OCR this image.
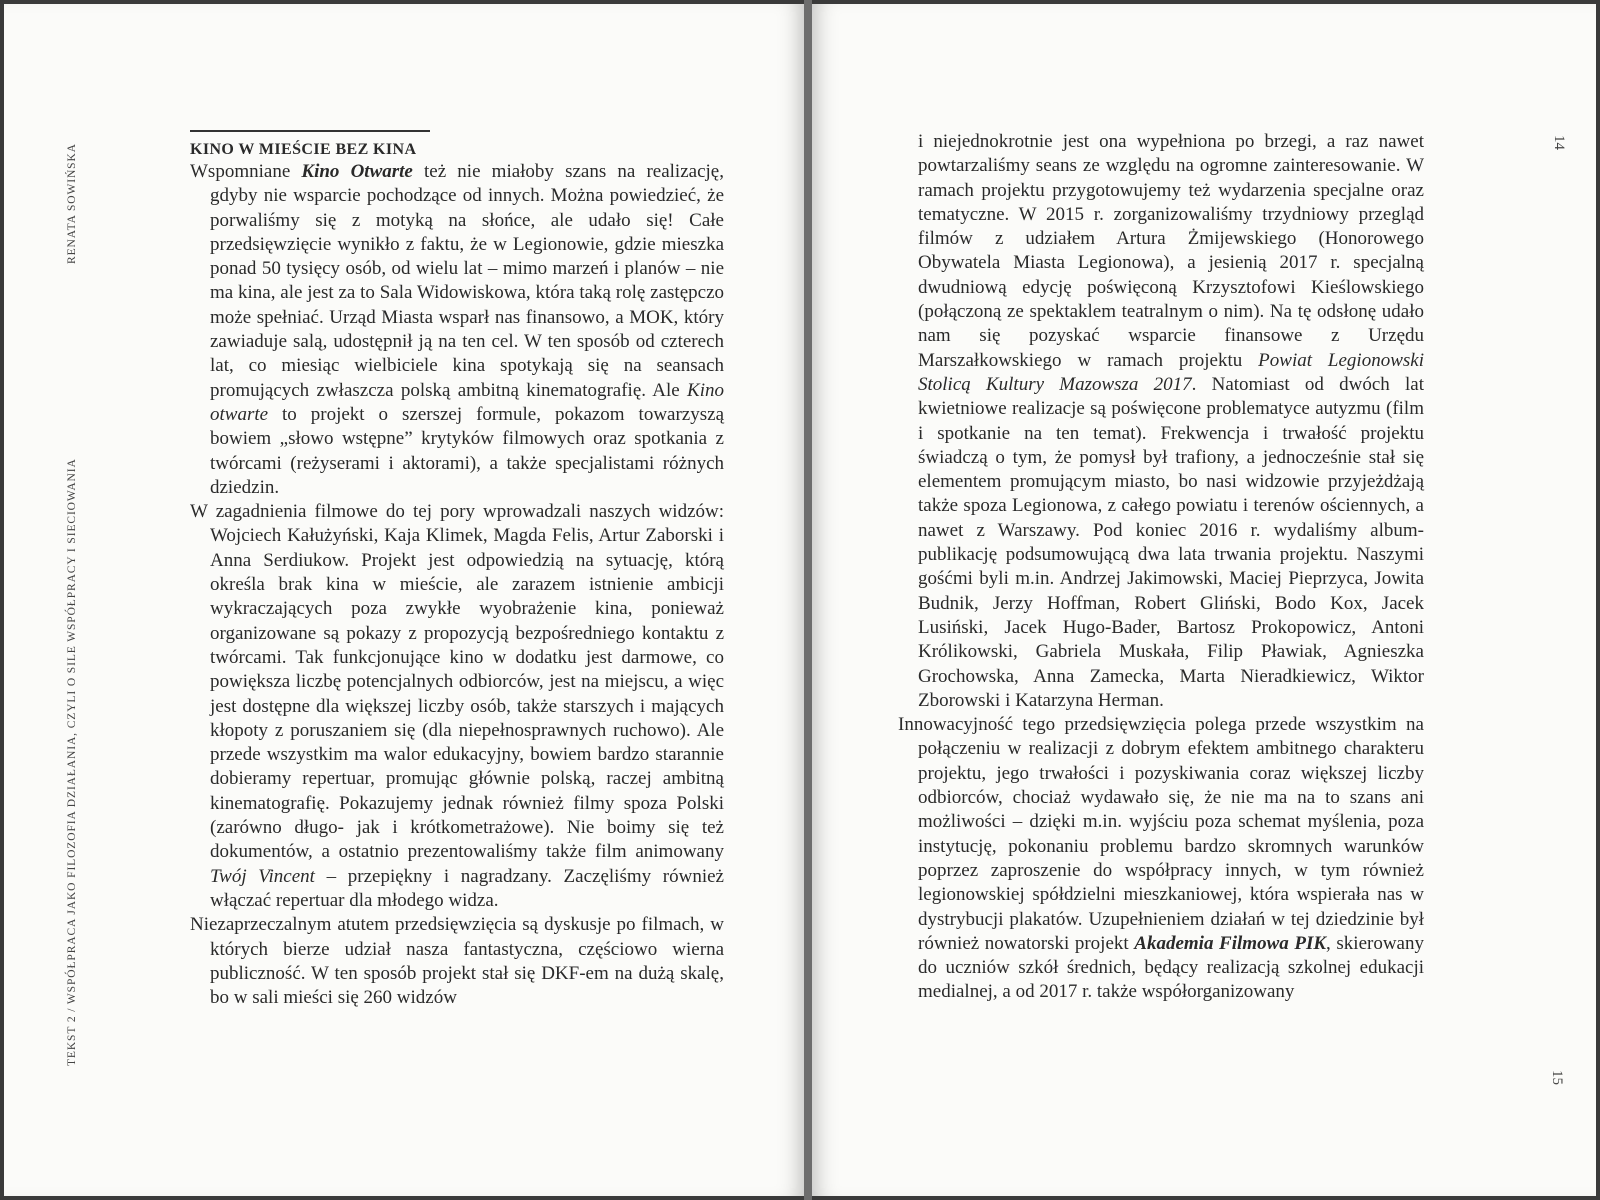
RENATA SOWIŃSKA
TEKST 2 / WSPÓŁPRACA JAKO FILOZOFIA DZIAŁANIA, CZYLI O SILE WSPÓŁPRACY I SIECIOWANIA
KINO W MIEŚCIE BEZ KINA

Wspomniane Kino Otwarte też nie miałoby szans na realizację, gdyby nie wsparcie pochodzące od innych. Można powiedzieć, że porwaliśmy się z motyką na słońce, ale udało się! Całe przedsięwzięcie wynikło z faktu, że w Legionowie, gdzie mieszka ponad 50 tysięcy osób, od wielu lat – mimo marzeń i planów – nie ma kina, ale jest za to Sala Widowiskowa, która taką rolę zastępczo może spełniać. Urząd Miasta wsparł nas finansowo, a MOK, który zawiaduje salą, udostępnił ją na ten cel. W ten sposób od czterech lat, co miesiąc wielbiciele kina spotykają się na seansach promujących zwłaszcza polską ambitną kinematografię. Ale Kino otwarte to projekt o szerszej formule, pokazom towarzyszą bowiem „słowo wstępne” krytyków filmowych oraz spotkania z twórcami (reżyserami i aktorami), a także specjalistami różnych dziedzin.

W zagadnienia filmowe do tej pory wprowadzali naszych widzów: Wojciech Kałużyński, Kaja Klimek, Magda Felis, Artur Zaborski i Anna Serdiukow. Projekt jest odpowiedzią na sytuację, którą określa brak kina w mieście, ale zarazem istnienie ambicji wykraczających poza zwykłe wyobrażenie kina, ponieważ organizowane są pokazy z propozycją bezpośredniego kontaktu z twórcami. Tak funkcjonujące kino w dodatku jest darmowe, co powiększa liczbę potencjalnych odbiorców, jest na miejscu, a więc jest dostępne dla większej liczby osób, także starszych i mających kłopoty z poruszaniem się (dla niepełnosprawnych ruchowo). Ale przede wszystkim ma walor edukacyjny, bowiem bardzo starannie dobieramy repertuar, promując głównie polską, raczej ambitną kinematografię. Pokazujemy jednak również filmy spoza Polski (zarówno długo- jak i krótkometrażowe). Nie boimy się też dokumentów, a ostatnio prezentowaliśmy także film animowany Twój Vincent – przepiękny i nagradzany. Zaczęliśmy również włączać repertuar dla młodego widza.

Niezaprzeczalnym atutem przedsięwzięcia są dyskusje po filmach, w których bierze udział nasza fantastyczna, częściowo wierna publiczność. W ten sposób projekt stał się DKF-em na dużą skalę, bo w sali mieści się 260 widzów

14
15

i niejednokrotnie jest ona wypełniona po brzegi, a raz nawet powtarzaliśmy seans ze względu na ogromne zainteresowanie. W ramach projektu przygotowujemy też wydarzenia specjalne oraz tematyczne. W 2015 r. zorganizowaliśmy trzydniowy przegląd filmów z udziałem Artura Żmijewskiego (Honorowego Obywatela Miasta Legionowa), a jesienią 2017 r. specjalną dwudniową edycję poświęconą Krzysztofowi Kieślowskiego (połączoną ze spektaklem teatralnym o nim). Na tę odsłonę udało nam się pozyskać wsparcie finansowe z Urzędu Marszałkowskiego w ramach projektu Powiat Legionowski Stolicą Kultury Mazowsza 2017. Natomiast od dwóch lat kwietniowe realizacje są poświęcone problematyce autyzmu (film i spotkanie na ten temat). Frekwencja i trwałość projektu świadczą o tym, że pomysł był trafiony, a jednocześnie stał się elementem promującym miasto, bo nasi widzowie przyjeżdżają także spoza Legionowa, z całego powiatu i terenów ościennych, a nawet z Warszawy. Pod koniec 2016 r. wydaliśmy album-publikację podsumowującą dwa lata trwania projektu. Naszymi gośćmi byli m.in. Andrzej Jakimowski, Maciej Pieprzyca, Jowita Budnik, Jerzy Hoffman, Robert Gliński, Bodo Kox, Jacek Lusiński, Jacek Hugo-Bader, Bartosz Prokopowicz, Antoni Królikowski, Gabriela Muskała, Filip Pławiak, Agnieszka Grochowska, Anna Zamecka, Marta Nieradkiewicz, Wiktor Zborowski i Katarzyna Herman.

Innowacyjność tego przedsięwzięcia polega przede wszystkim na połączeniu w realizacji z dobrym efektem ambitnego charakteru projektu, jego trwałości i pozyskiwania coraz większej liczby odbiorców, chociaż wydawało się, że nie ma na to szans ani możliwości – dzięki m.in. wyjściu poza schemat myślenia, poza instytucję, pokonaniu problemu bardzo skromnych warunków poprzez zaproszenie do współpracy innych, w tym również legionowskiej spółdzielni mieszkaniowej, która wspierała nas w dystrybucji plakatów. Uzupełnieniem działań w tej dziedzinie był również nowatorski projekt Akademia Filmowa PIK, skierowany do uczniów szkół średnich, będący realizacją szkolnej edukacji medialnej, a od 2017 r. także współorganizowany
